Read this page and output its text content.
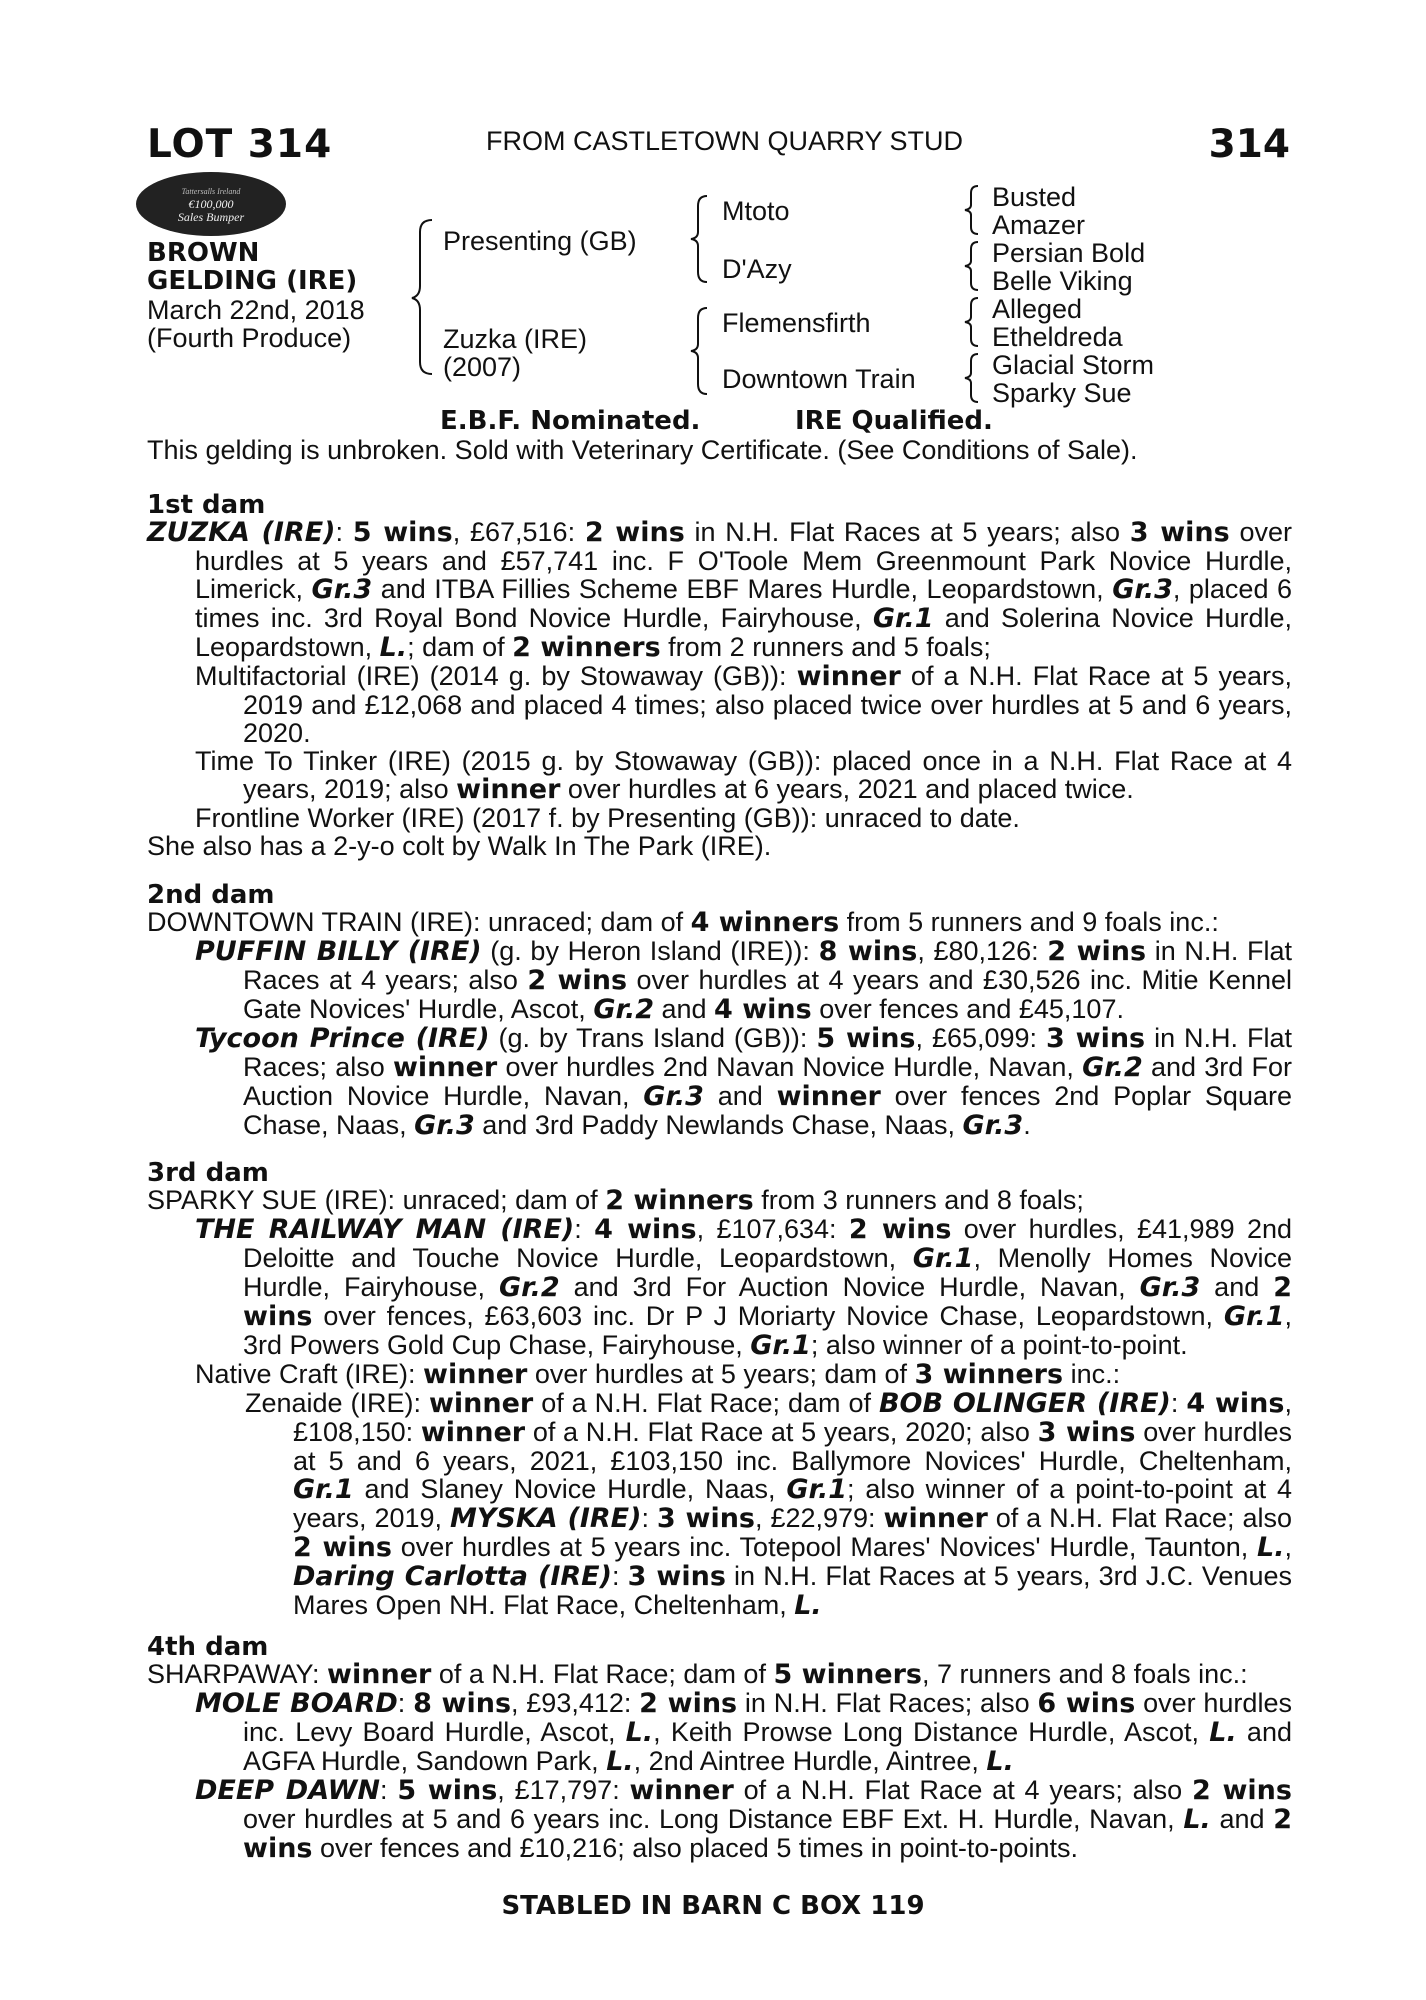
LOT 314	FROM CASTLETOWN QUARRY STUD	314
Tattersalls Ireland
€100,000
Sales Bumper
BROWN
GELDING (IRE)
March 22nd, 2018
(Fourth Produce)
Presenting (GB)
Zuzka (IRE)
(2007)
Mtoto
D'Azy
Flemensfirth
Downtown Train
Busted
Amazer
Persian Bold
Belle Viking
Alleged
Etheldreda
Glacial Storm
Sparky Sue
E.B.F. Nominated.	IRE Qualified.
This gelding is unbroken. Sold with Veterinary Certificate. (See Conditions of Sale).
1st dam

ZUZKA (IRE): 5 wins, £67,516: 2 wins in N.H. Flat Races at 5 years; also 3 wins over hurdles at 5 years and £57,741 inc. F O'Toole Mem Greenmount Park Novice Hurdle, Limerick, Gr.3 and ITBA Fillies Scheme EBF Mares Hurdle, Leopardstown, Gr.3, placed 6 times inc. 3rd Royal Bond Novice Hurdle, Fairyhouse, Gr.1 and Solerina Novice Hurdle, Leopardstown, L.; dam of 2 winners from 2 runners and 5 foals;

Multifactorial (IRE) (2014 g. by Stowaway (GB)): winner of a N.H. Flat Race at 5 years, 2019 and £12,068 and placed 4 times; also placed twice over hurdles at 5 and 6 years, 2020.

Time To Tinker (IRE) (2015 g. by Stowaway (GB)): placed once in a N.H. Flat Race at 4 years, 2019; also winner over hurdles at 6 years, 2021 and placed twice.

Frontline Worker (IRE) (2017 f. by Presenting (GB)): unraced to date.

She also has a 2-y-o colt by Walk In The Park (IRE).

2nd dam

DOWNTOWN TRAIN (IRE): unraced; dam of 4 winners from 5 runners and 9 foals inc.:

PUFFIN BILLY (IRE) (g. by Heron Island (IRE)): 8 wins, £80,126: 2 wins in N.H. Flat Races at 4 years; also 2 wins over hurdles at 4 years and £30,526 inc. Mitie Kennel Gate Novices' Hurdle, Ascot, Gr.2 and 4 wins over fences and £45,107.

Tycoon Prince (IRE) (g. by Trans Island (GB)): 5 wins, £65,099: 3 wins in N.H. Flat Races; also winner over hurdles 2nd Navan Novice Hurdle, Navan, Gr.2 and 3rd For Auction Novice Hurdle, Navan, Gr.3 and winner over fences 2nd Poplar Square Chase, Naas, Gr.3 and 3rd Paddy Newlands Chase, Naas, Gr.3.

3rd dam

SPARKY SUE (IRE): unraced; dam of 2 winners from 3 runners and 8 foals;

THE RAILWAY MAN (IRE): 4 wins, £107,634: 2 wins over hurdles, £41,989 2nd Deloitte and Touche Novice Hurdle, Leopardstown, Gr.1, Menolly Homes Novice Hurdle, Fairyhouse, Gr.2 and 3rd For Auction Novice Hurdle, Navan, Gr.3 and 2 wins over fences, £63,603 inc. Dr P J Moriarty Novice Chase, Leopardstown, Gr.1, 3rd Powers Gold Cup Chase, Fairyhouse, Gr.1; also winner of a point-to-point.

Native Craft (IRE): winner over hurdles at 5 years; dam of 3 winners inc.:

Zenaide (IRE): winner of a N.H. Flat Race; dam of BOB OLINGER (IRE): 4 wins, £108,150: winner of a N.H. Flat Race at 5 years, 2020; also 3 wins over hurdles at 5 and 6 years, 2021, £103,150 inc. Ballymore Novices' Hurdle, Cheltenham, Gr.1 and Slaney Novice Hurdle, Naas, Gr.1; also winner of a point-to-point at 4 years, 2019, MYSKA (IRE): 3 wins, £22,979: winner of a N.H. Flat Race; also 2 wins over hurdles at 5 years inc. Totepool Mares' Novices' Hurdle, Taunton, L., Daring Carlotta (IRE): 3 wins in N.H. Flat Races at 5 years, 3rd J.C. Venues Mares Open NH. Flat Race, Cheltenham, L.

4th dam

SHARPAWAY: winner of a N.H. Flat Race; dam of 5 winners, 7 runners and 8 foals inc.:

MOLE BOARD: 8 wins, £93,412: 2 wins in N.H. Flat Races; also 6 wins over hurdles inc. Levy Board Hurdle, Ascot, L., Keith Prowse Long Distance Hurdle, Ascot, L. and AGFA Hurdle, Sandown Park, L., 2nd Aintree Hurdle, Aintree, L.

DEEP DAWN: 5 wins, £17,797: winner of a N.H. Flat Race at 4 years; also 2 wins over hurdles at 5 and 6 years inc. Long Distance EBF Ext. H. Hurdle, Navan, L. and 2 wins over fences and £10,216; also placed 5 times in point-to-points.

STABLED IN BARN C BOX 119
